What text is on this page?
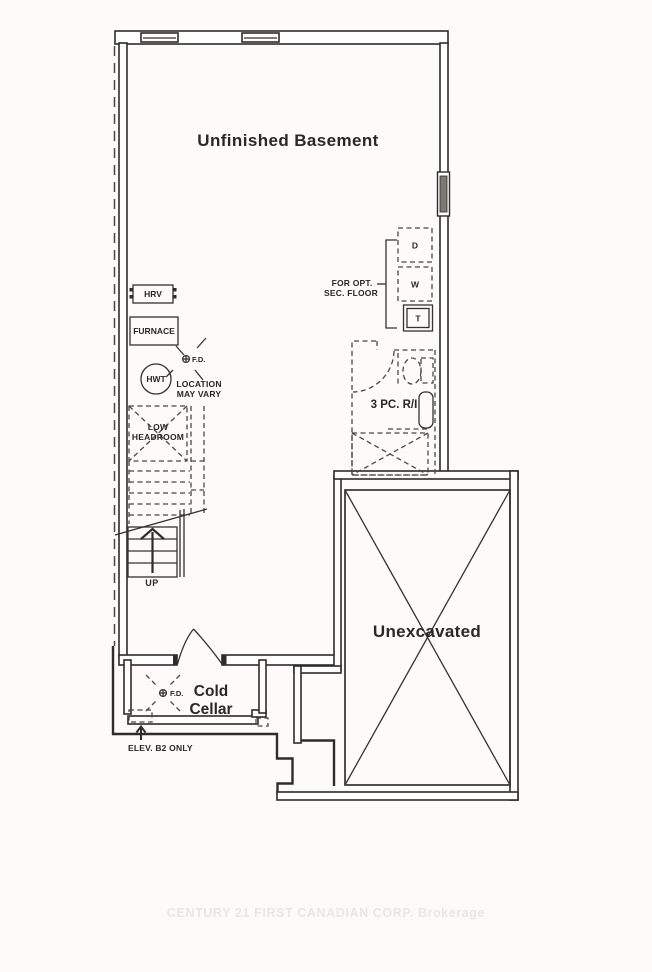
Unfinished Basement
HRV
FURNACE
HWT
F.D.
LOCATION
MAY VARY
FOR OPT.
SEC. FLOOR
D
W
T
3 PC. R/I
LOW
HEADROOM
UP
Unexcavated
F.D. Cold
Cellar
ELEV. B2 ONLY
CENTURY 21 FIRST CANADIAN CORP. Brokerage
